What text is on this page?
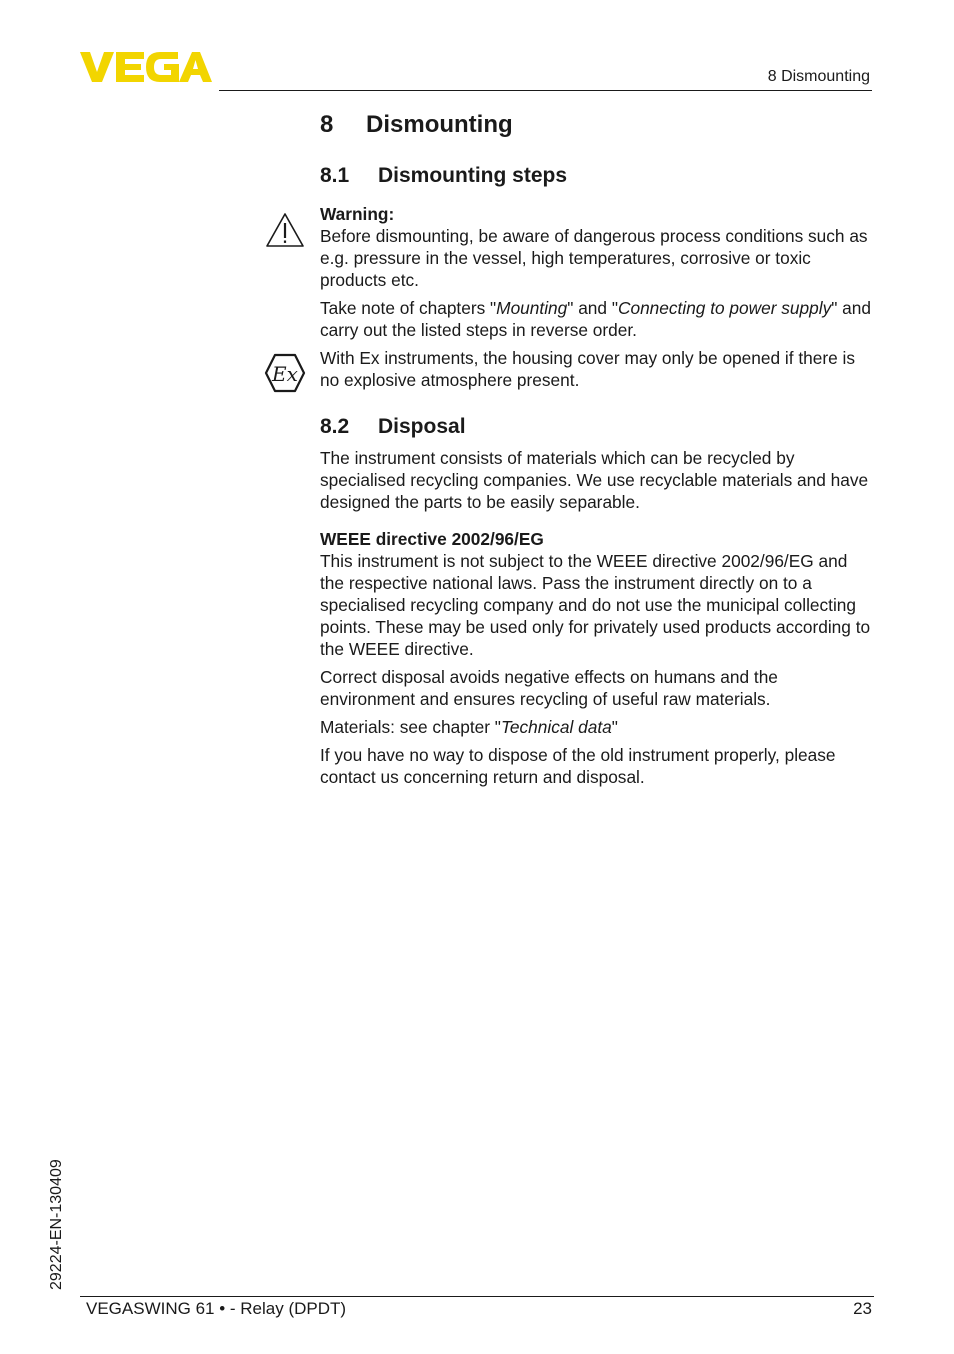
8 Dismounting
8 Dismounting
8.1 Dismounting steps

Warning:

Before dismounting, be aware of dangerous process conditions such as e.g. pressure in the vessel, high temperatures, corrosive or toxic products etc.

Take note of chapters "Mounting" and "Connecting to power supply" and carry out the listed steps in reverse order.

Ex

With Ex instruments, the housing cover may only be opened if there is no explosive atmosphere present.

8.2 Disposal

The instrument consists of materials which can be recycled by specialised recycling companies. We use recyclable materials and have designed the parts to be easily separable.

WEEE directive 2002/96/EG

This instrument is not subject to the WEEE directive 2002/96/EG and the respective national laws. Pass the instrument directly on to a specialised recycling company and do not use the municipal collecting points. These may be used only for privately used products according to the WEEE directive.

Correct disposal avoids negative effects on humans and the environment and ensures recycling of useful raw materials.

Materials: see chapter "Technical data"

If you have no way to dispose of the old instrument properly, please contact us concerning return and disposal.

29224-EN-130409
VEGASWING 61 • - Relay (DPDT)	23
